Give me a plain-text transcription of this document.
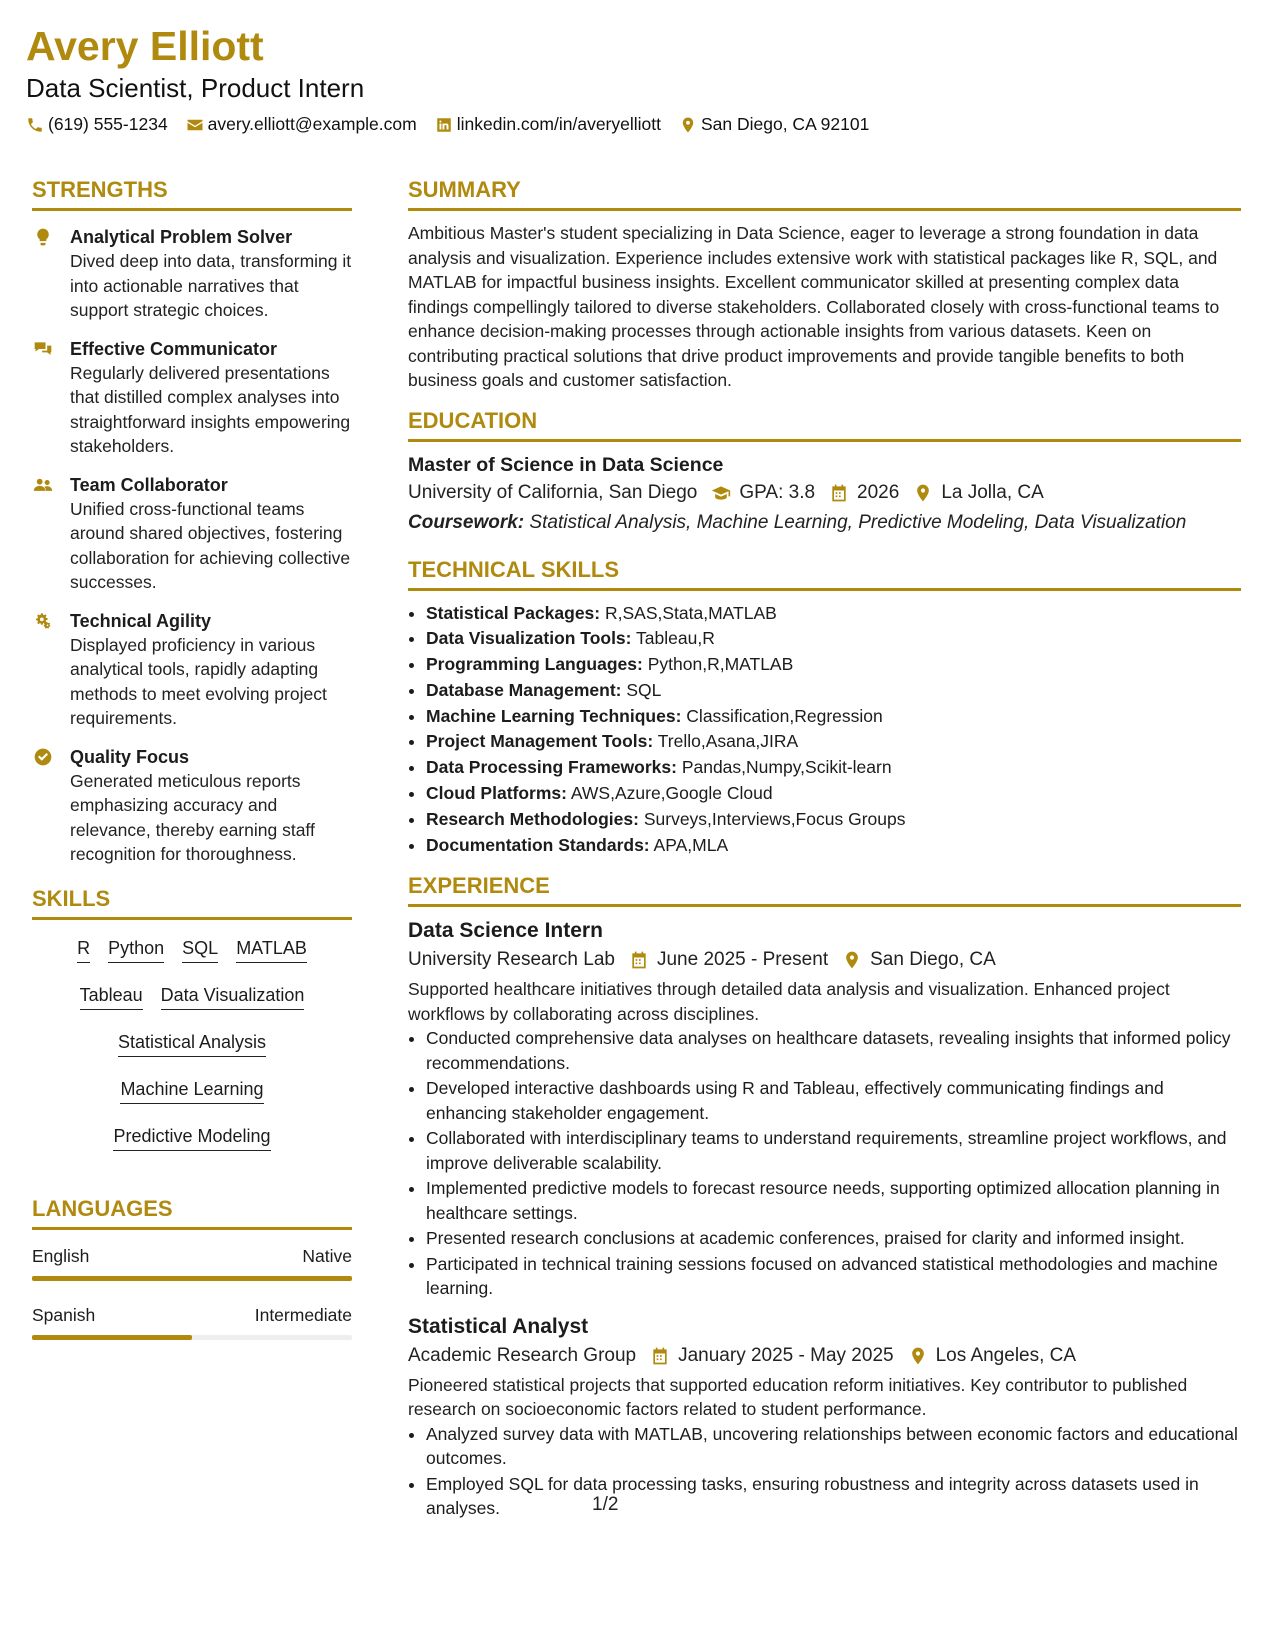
Avery Elliott
Data Scientist, Product Intern
(619) 555-1234 avery.elliott@example.com linkedin.com/in/averyelliott San Diego, CA 92101
STRENGTHS
Analytical Problem Solver
Dived deep into data, transforming it into actionable narratives that support strategic choices.
Effective Communicator
Regularly delivered presentations that distilled complex analyses into straightforward insights empowering stakeholders.
Team Collaborator
Unified cross-functional teams around shared objectives, fostering collaboration for achieving collective successes.
Technical Agility
Displayed proficiency in various analytical tools, rapidly adapting methods to meet evolving project requirements.
Quality Focus
Generated meticulous reports emphasizing accuracy and relevance, thereby earning staff recognition for thoroughness.
SKILLS
R Python SQL MATLAB
Tableau Data Visualization
Statistical Analysis
Machine Learning
Predictive Modeling
LANGUAGES
English	Native
Spanish	Intermediate
SUMMARY

Ambitious Master's student specializing in Data Science, eager to leverage a strong foundation in data analysis and visualization. Experience includes extensive work with statistical packages like R, SQL, and MATLAB for impactful business insights. Excellent communicator skilled at presenting complex data findings compellingly tailored to diverse stakeholders. Collaborated closely with cross-functional teams to enhance decision-making processes through actionable insights from various datasets. Keen on contributing practical solutions that drive product improvements and provide tangible benefits to both business goals and customer satisfaction.

EDUCATION
Master of Science in Data Science
University of California, San Diego GPA: 3.8 2026 La Jolla, CA
Coursework: Statistical Analysis, Machine Learning, Predictive Modeling, Data Visualization
TECHNICAL SKILLS
• Statistical Packages: R,SAS,Stata,MATLAB
• Data Visualization Tools: Tableau,R
• Programming Languages: Python,R,MATLAB
• Database Management: SQL
• Machine Learning Techniques: Classification,Regression
• Project Management Tools: Trello,Asana,JIRA
• Data Processing Frameworks: Pandas,Numpy,Scikit-learn
• Cloud Platforms: AWS,Azure,Google Cloud
• Research Methodologies: Surveys,Interviews,Focus Groups
• Documentation Standards: APA,MLA
EXPERIENCE
Data Science Intern
University Research Lab June 2025 - Present San Diego, CA

Supported healthcare initiatives through detailed data analysis and visualization. Enhanced project workflows by collaborating across disciplines.

• Conducted comprehensive data analyses on healthcare datasets, revealing insights that informed policy recommendations.
• Developed interactive dashboards using R and Tableau, effectively communicating findings and enhancing stakeholder engagement.
• Collaborated with interdisciplinary teams to understand requirements, streamline project workflows, and improve deliverable scalability.
• Implemented predictive models to forecast resource needs, supporting optimized allocation planning in healthcare settings.
• Presented research conclusions at academic conferences, praised for clarity and informed insight.
• Participated in technical training sessions focused on advanced statistical methodologies and machine learning.
Statistical Analyst
Academic Research Group January 2025 - May 2025 Los Angeles, CA

Pioneered statistical projects that supported education reform initiatives. Key contributor to published research on socioeconomic factors related to student performance.

• Analyzed survey data with MATLAB, uncovering relationships between economic factors and educational outcomes.
• Employed SQL for data processing tasks, ensuring robustness and integrity across datasets used in analyses.	1/2
